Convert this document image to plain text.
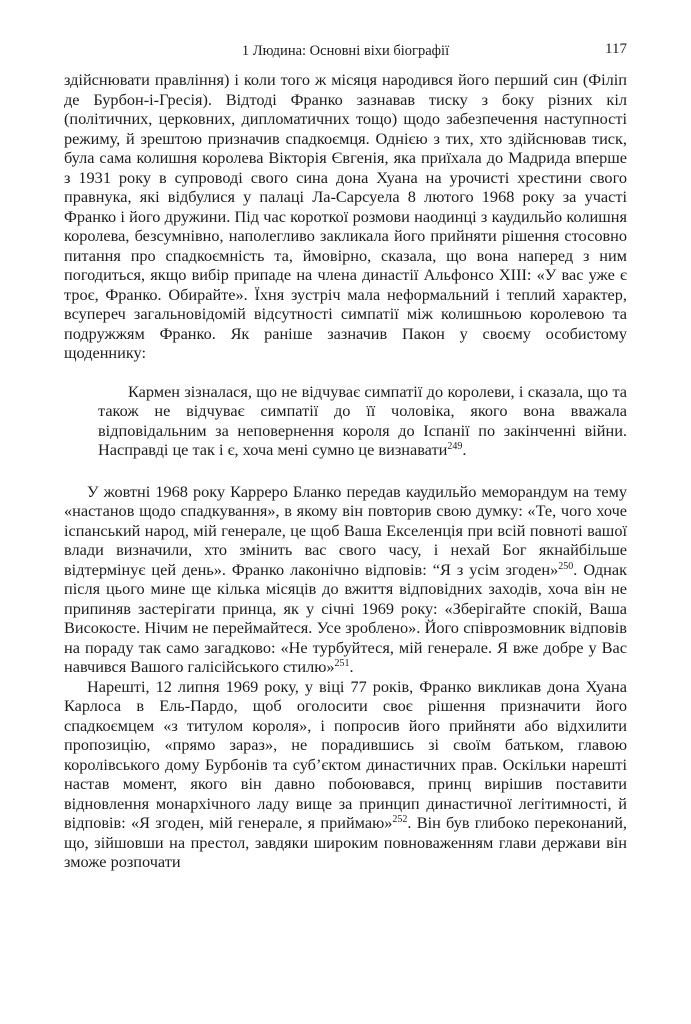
1 Людина: Основні віхи біографії	117

здійснювати правління) і коли того ж місяця народився його перший син (Філіп де Бурбон-і-Гресія). Відтоді Франко зазнавав тиску з боку різних кіл (політичних, церковних, дипломатичних тощо) щодо забезпечення наступності режиму, й зрештою призначив спадкоємця. Однією з тих, хто здійснював тиск, була сама колишня королева Вікторія Євгенія, яка приїхала до Мадрида вперше з 1931 року в супроводі свого сина дона Хуана на урочисті хрестини свого правнука, які відбулися у палаці Ла-Сарсуела 8 лютого 1968 року за участі Франко і його дружини. Під час короткої розмови наодинці з каудильйо колишня королева, безсумнівно, наполегливо закликала його прийняти рішення стосовно питання про спадкоємність та, ймовірно, сказала, що вона наперед з ним погодиться, якщо вибір припаде на члена династії Альфонсо XIII: «У вас уже є троє, Франко. Обирайте». Їхня зустріч мала неформальний і теплий характер, всупереч загальновідомій відсутності симпатії між колишньою королевою та подружжям Франко. Як раніше зазначив Пакон у своєму особистому щоденнику:

Кармен зізналася, що не відчуває симпатії до королеви, і сказала, що та також не відчуває симпатії до її чоловіка, якого вона вважала відповідальним за неповернення короля до Іспанії по закінченні війни. Насправді це так і є, хоча мені сумно це визнавати$^{249}$.

У жовтні 1968 року Карреро Бланко передав каудильйо меморандум на тему «настанов щодо спадкування», в якому він повторив свою думку: «Те, чого хоче іспанський народ, мій генерале, це щоб Ваша Екселенція при всій повноті вашої влади визначили, хто змінить вас свого часу, і нехай Бог якнайбільше відтермінує цей день». Франко лаконічно відповів: “Я з усім згоден»$^{250}$. Однак після цього мине ще кілька місяців до вжиття відповідних заходів, хоча він не припиняв застерігати принца, як у січні 1969 року: «Зберігайте спокій, Ваша Високосте. Нічим не переймайтеся. Усе зроблено». Його співрозмовник відповів на пораду так само загадково: «Не турбуйтеся, мій генерале. Я вже добре у Вас навчився Вашого галісійського стилю»$^{251}$.

Нарешті, 12 липня 1969 року, у віці 77 років, Франко викликав дона Хуана Карлоса в Ель-Пардо, щоб оголосити своє рішення призначити його спадкоємцем «з титулом короля», і попросив його прийняти або відхилити пропозицію, «прямо зараз», не порадившись зі своїм батьком, главою королівського дому Бурбонів та суб’єктом династичних прав. Оскільки нарешті настав момент, якого він давно побоювався, принц вирішив поставити відновлення монархічного ладу вище за принцип династичної легітимності, й відповів: «Я згоден, мій генерале, я приймаю»$^{252}$. Він був глибоко переконаний, що, зійшовши на престол, завдяки широким повноваженням глави держави він зможе розпочати
